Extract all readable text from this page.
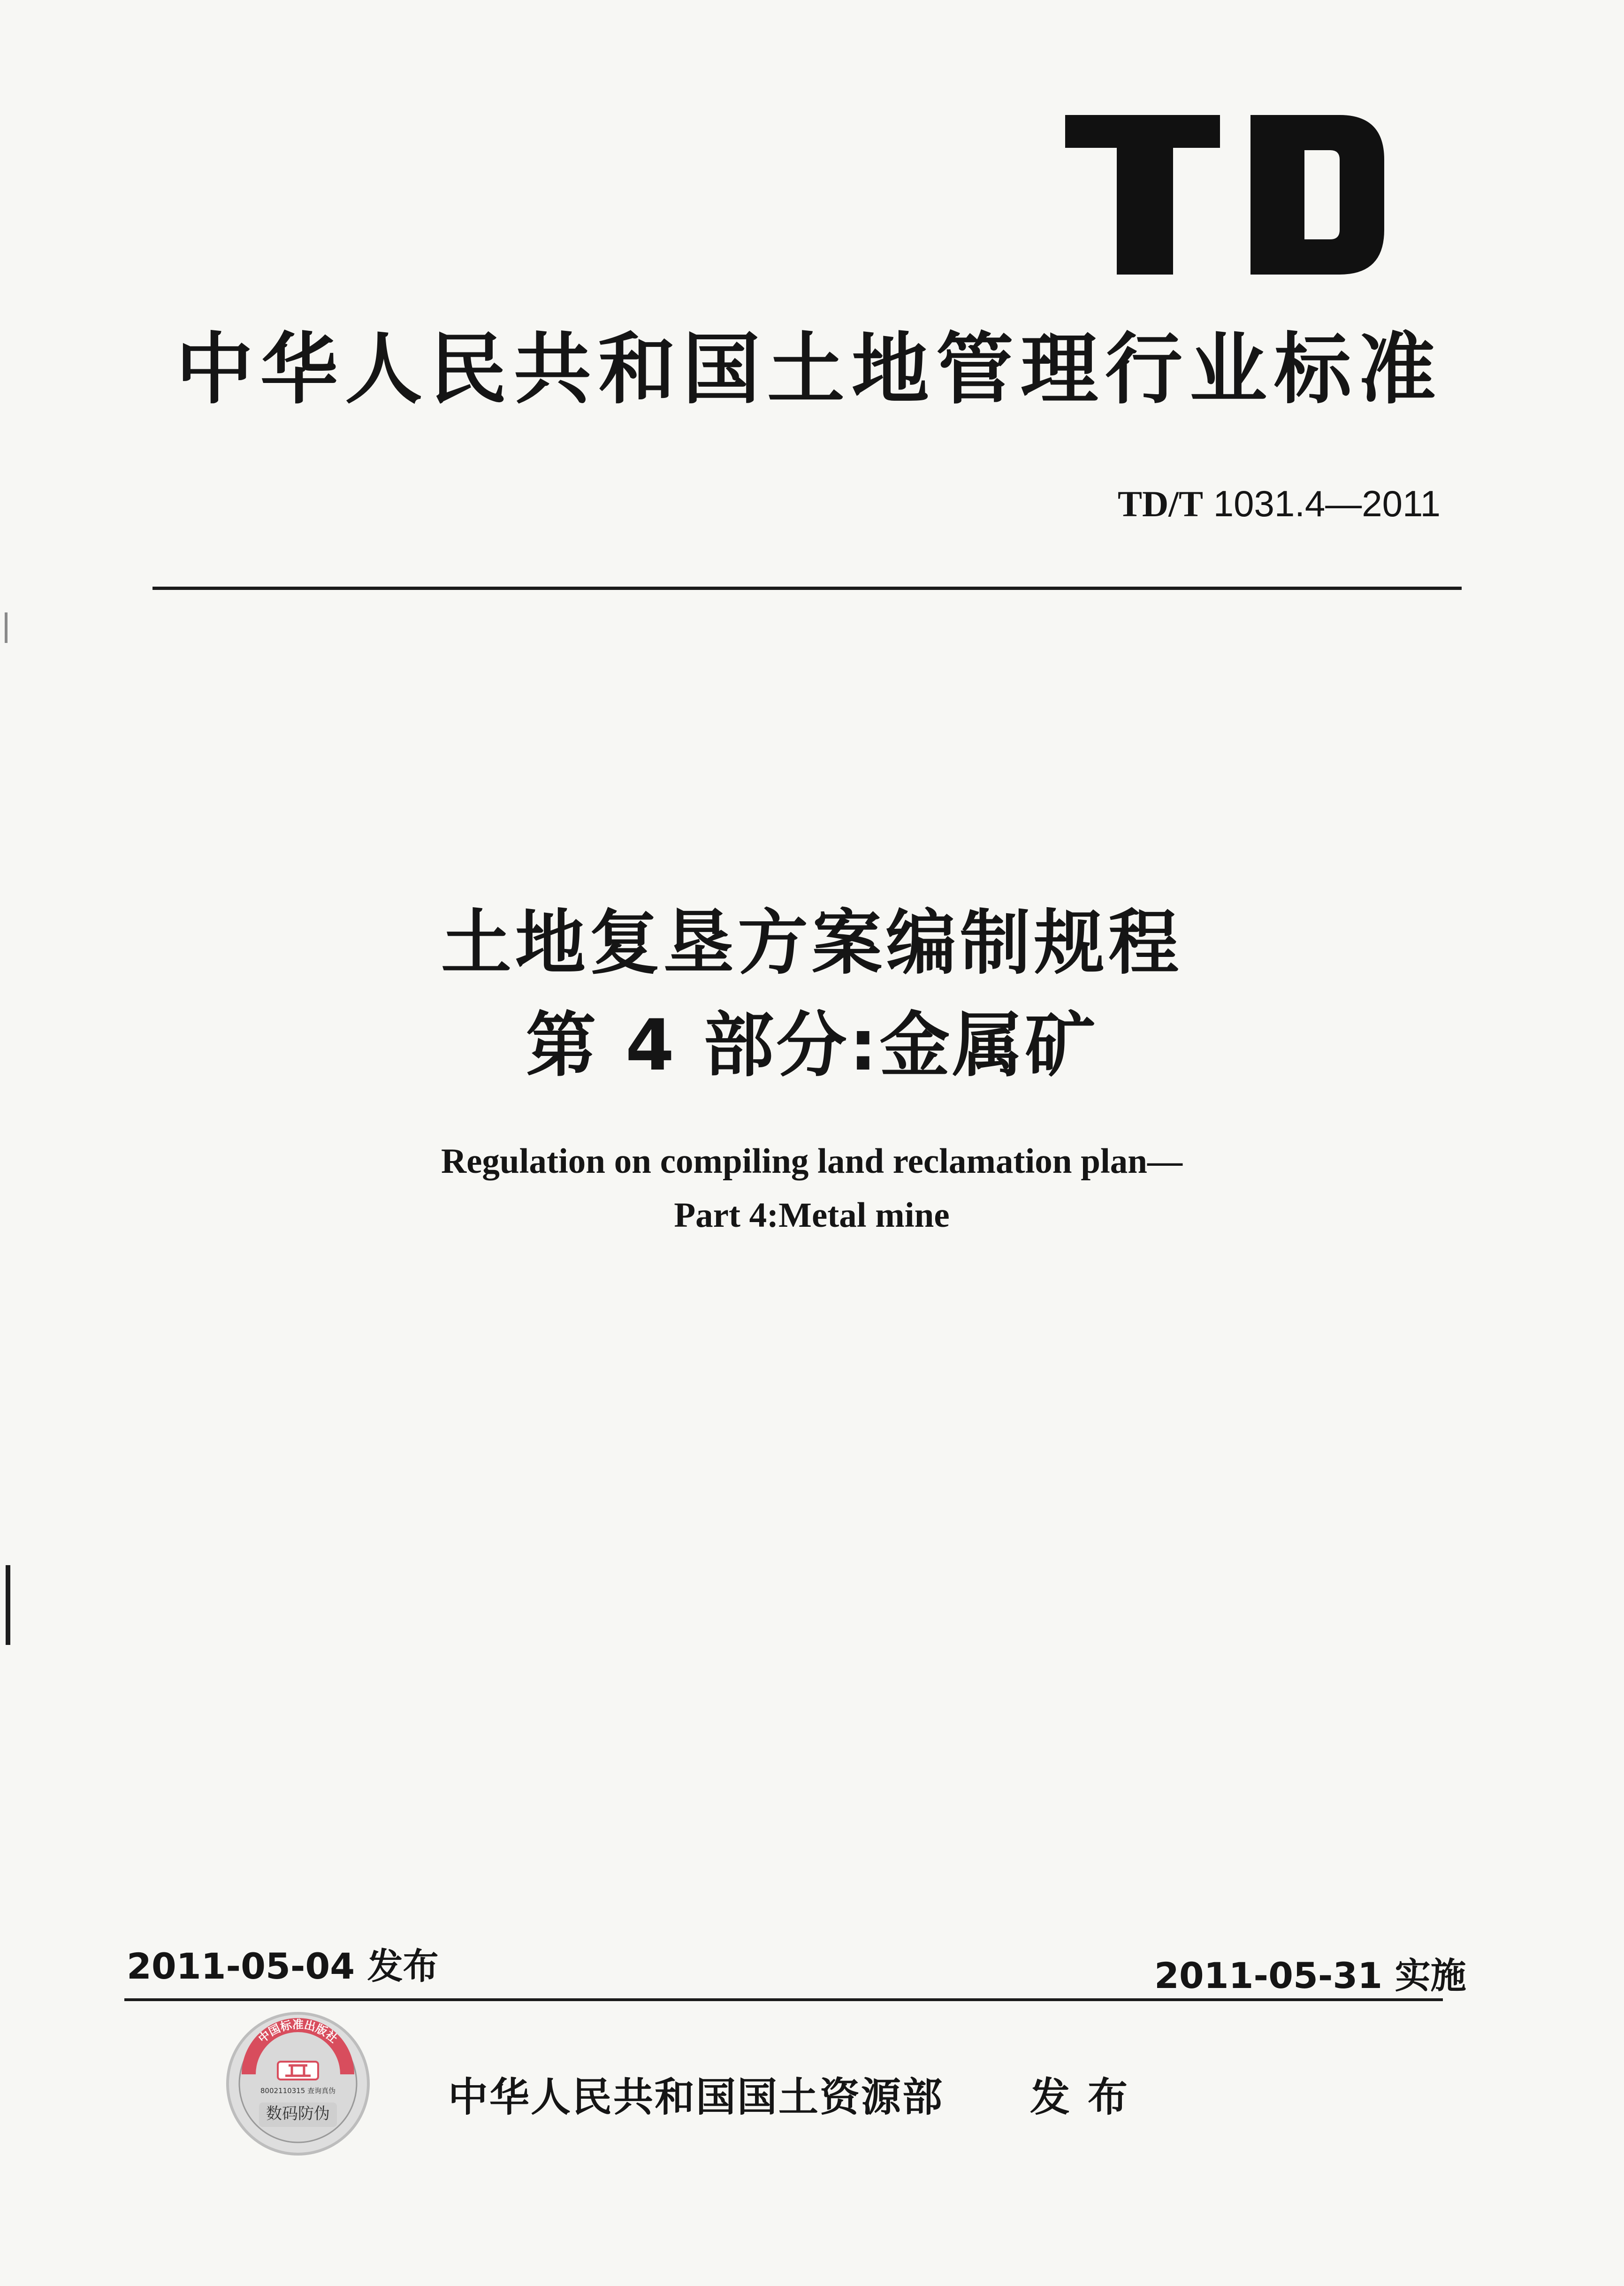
中华人民共和国土地管理行业标准
TD/T 1031.4—2011
土地复垦方案编制规程
第 4 部分:金属矿
Regulation on compiling land reclamation plan—
Part 4:Metal mine
2011-05-04 发布	2011-05-31 实施
中国标准出版社
8002110315 查询真伪
数码防伪	中华人民共和国国土资源部	发布
